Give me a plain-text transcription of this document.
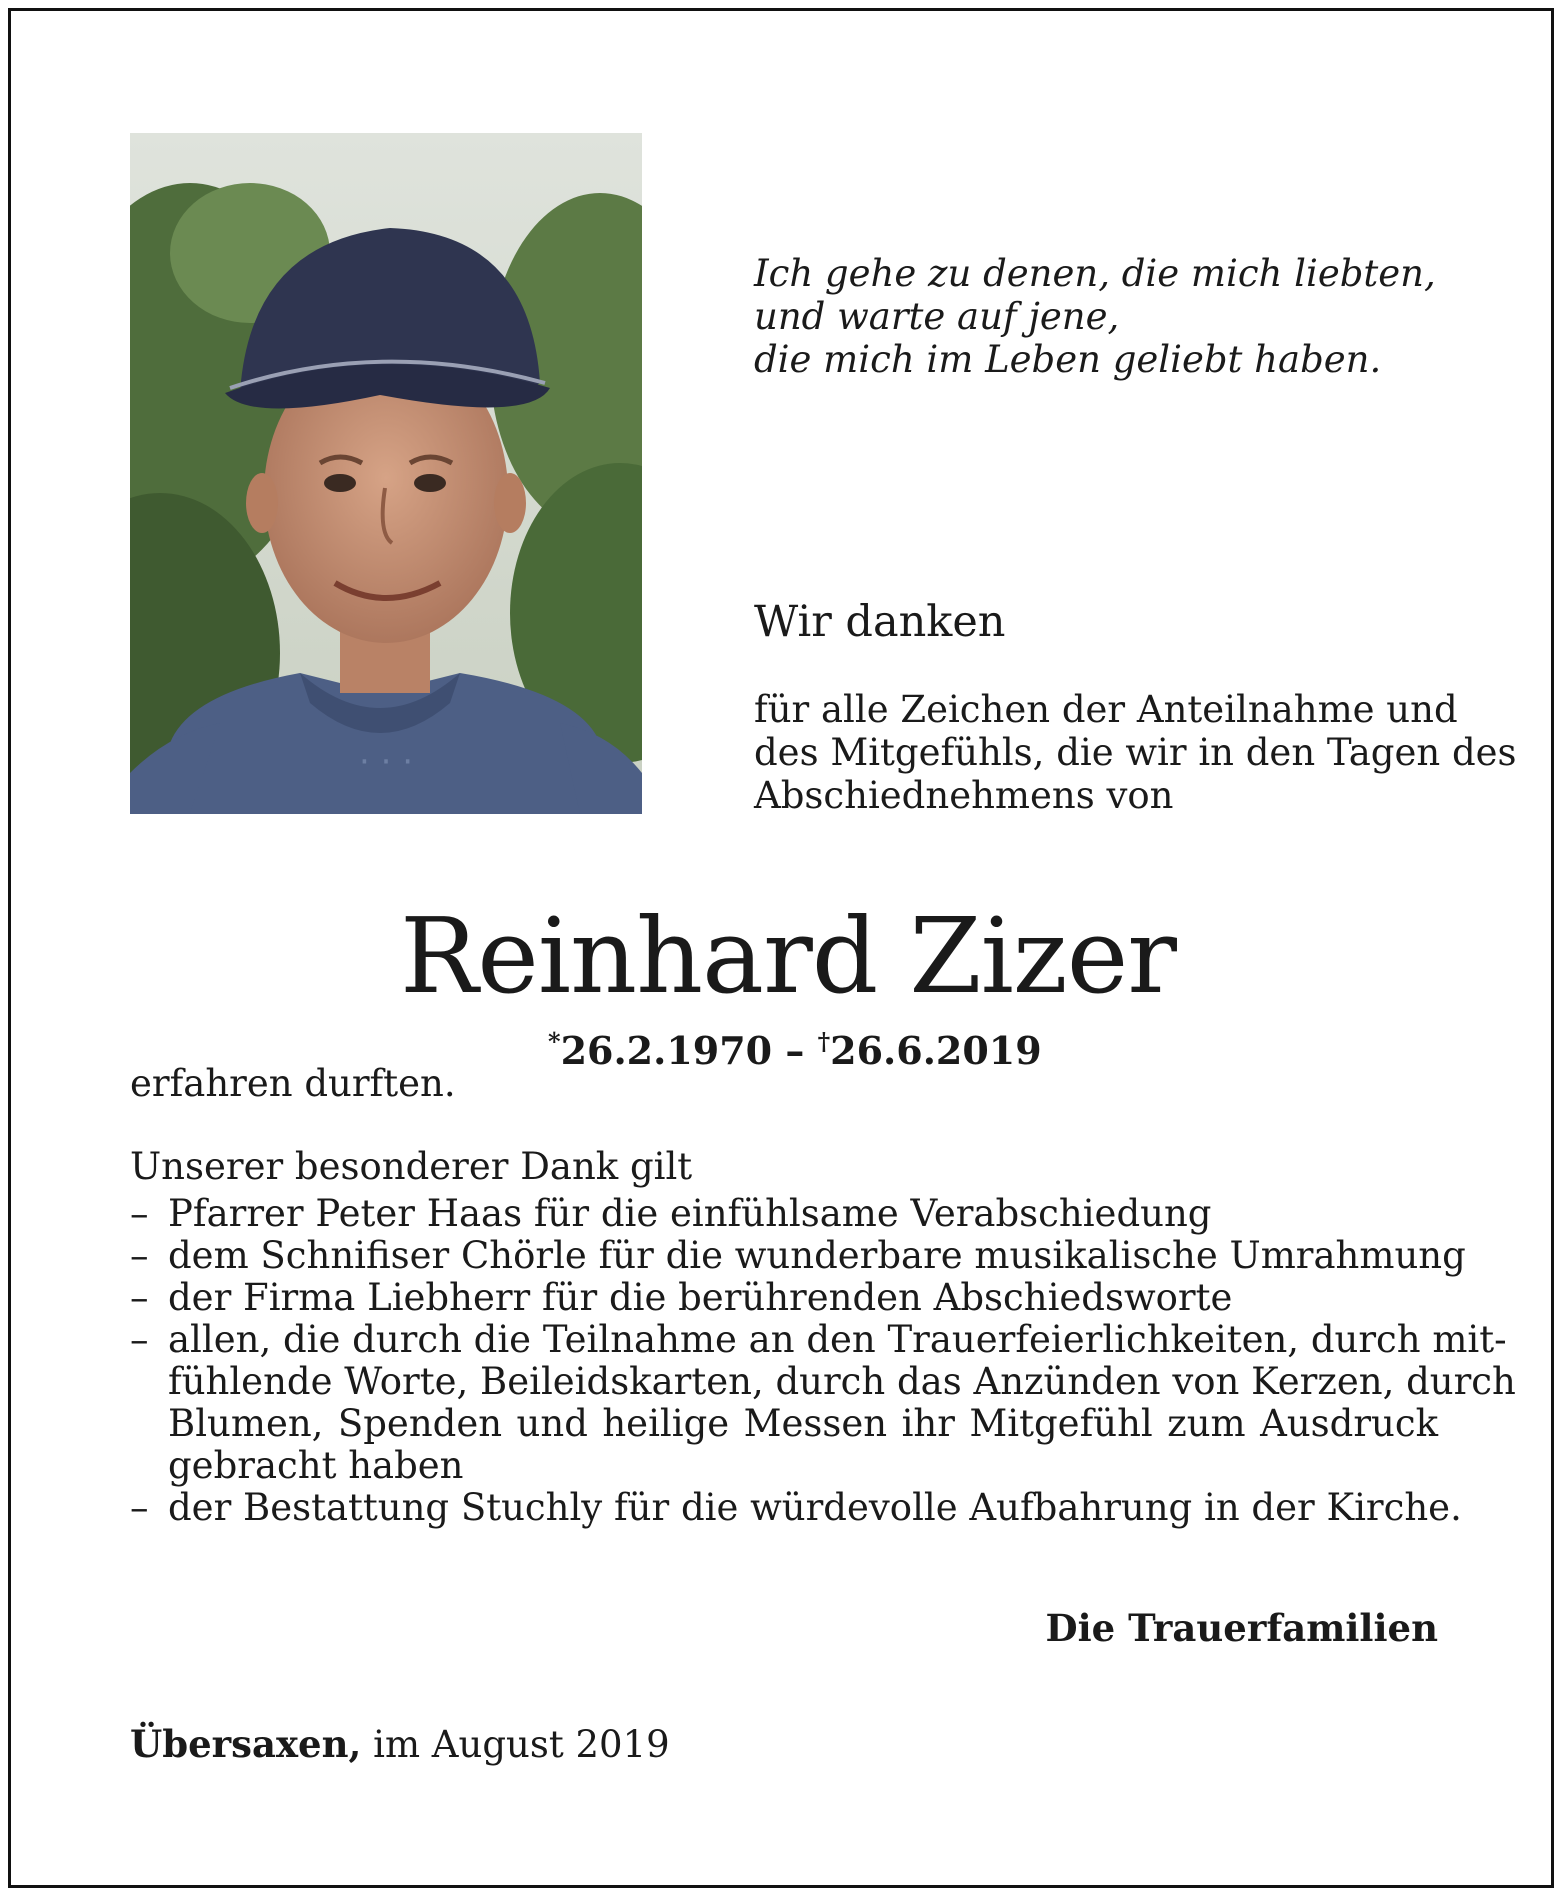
· · ·
Ich gehe zu denen, die mich liebten,
und warte auf jene,
die mich im Leben geliebt haben.
Wir danken
für alle Zeichen der Anteilnahme und
des Mitgefühls, die wir in den Tagen des
Abschiednehmens von
Reinhard Zizer
*26.2.1970 – †26.6.2019
erfahren durften.
Unserer besonderer Dank gilt
– Pfarrer Peter Haas für die einfühlsame Verabschiedung
– dem Schnifiser Chörle für die wunderbare musikalische Umrahmung
– der Firma Liebherr für die berührenden Abschiedsworte
– allen, die durch die Teilnahme an den Trauerfeierlichkeiten, durch mit-
fühlende Worte, Beileidskarten, durch das Anzünden von Kerzen, durch
Blumen, Spenden und heilige Messen ihr Mitgefühl zum Ausdruck
gebracht haben
– der Bestattung Stuchly für die würdevolle Aufbahrung in der Kirche.
Die Trauerfamilien
Übersaxen, im August 2019
